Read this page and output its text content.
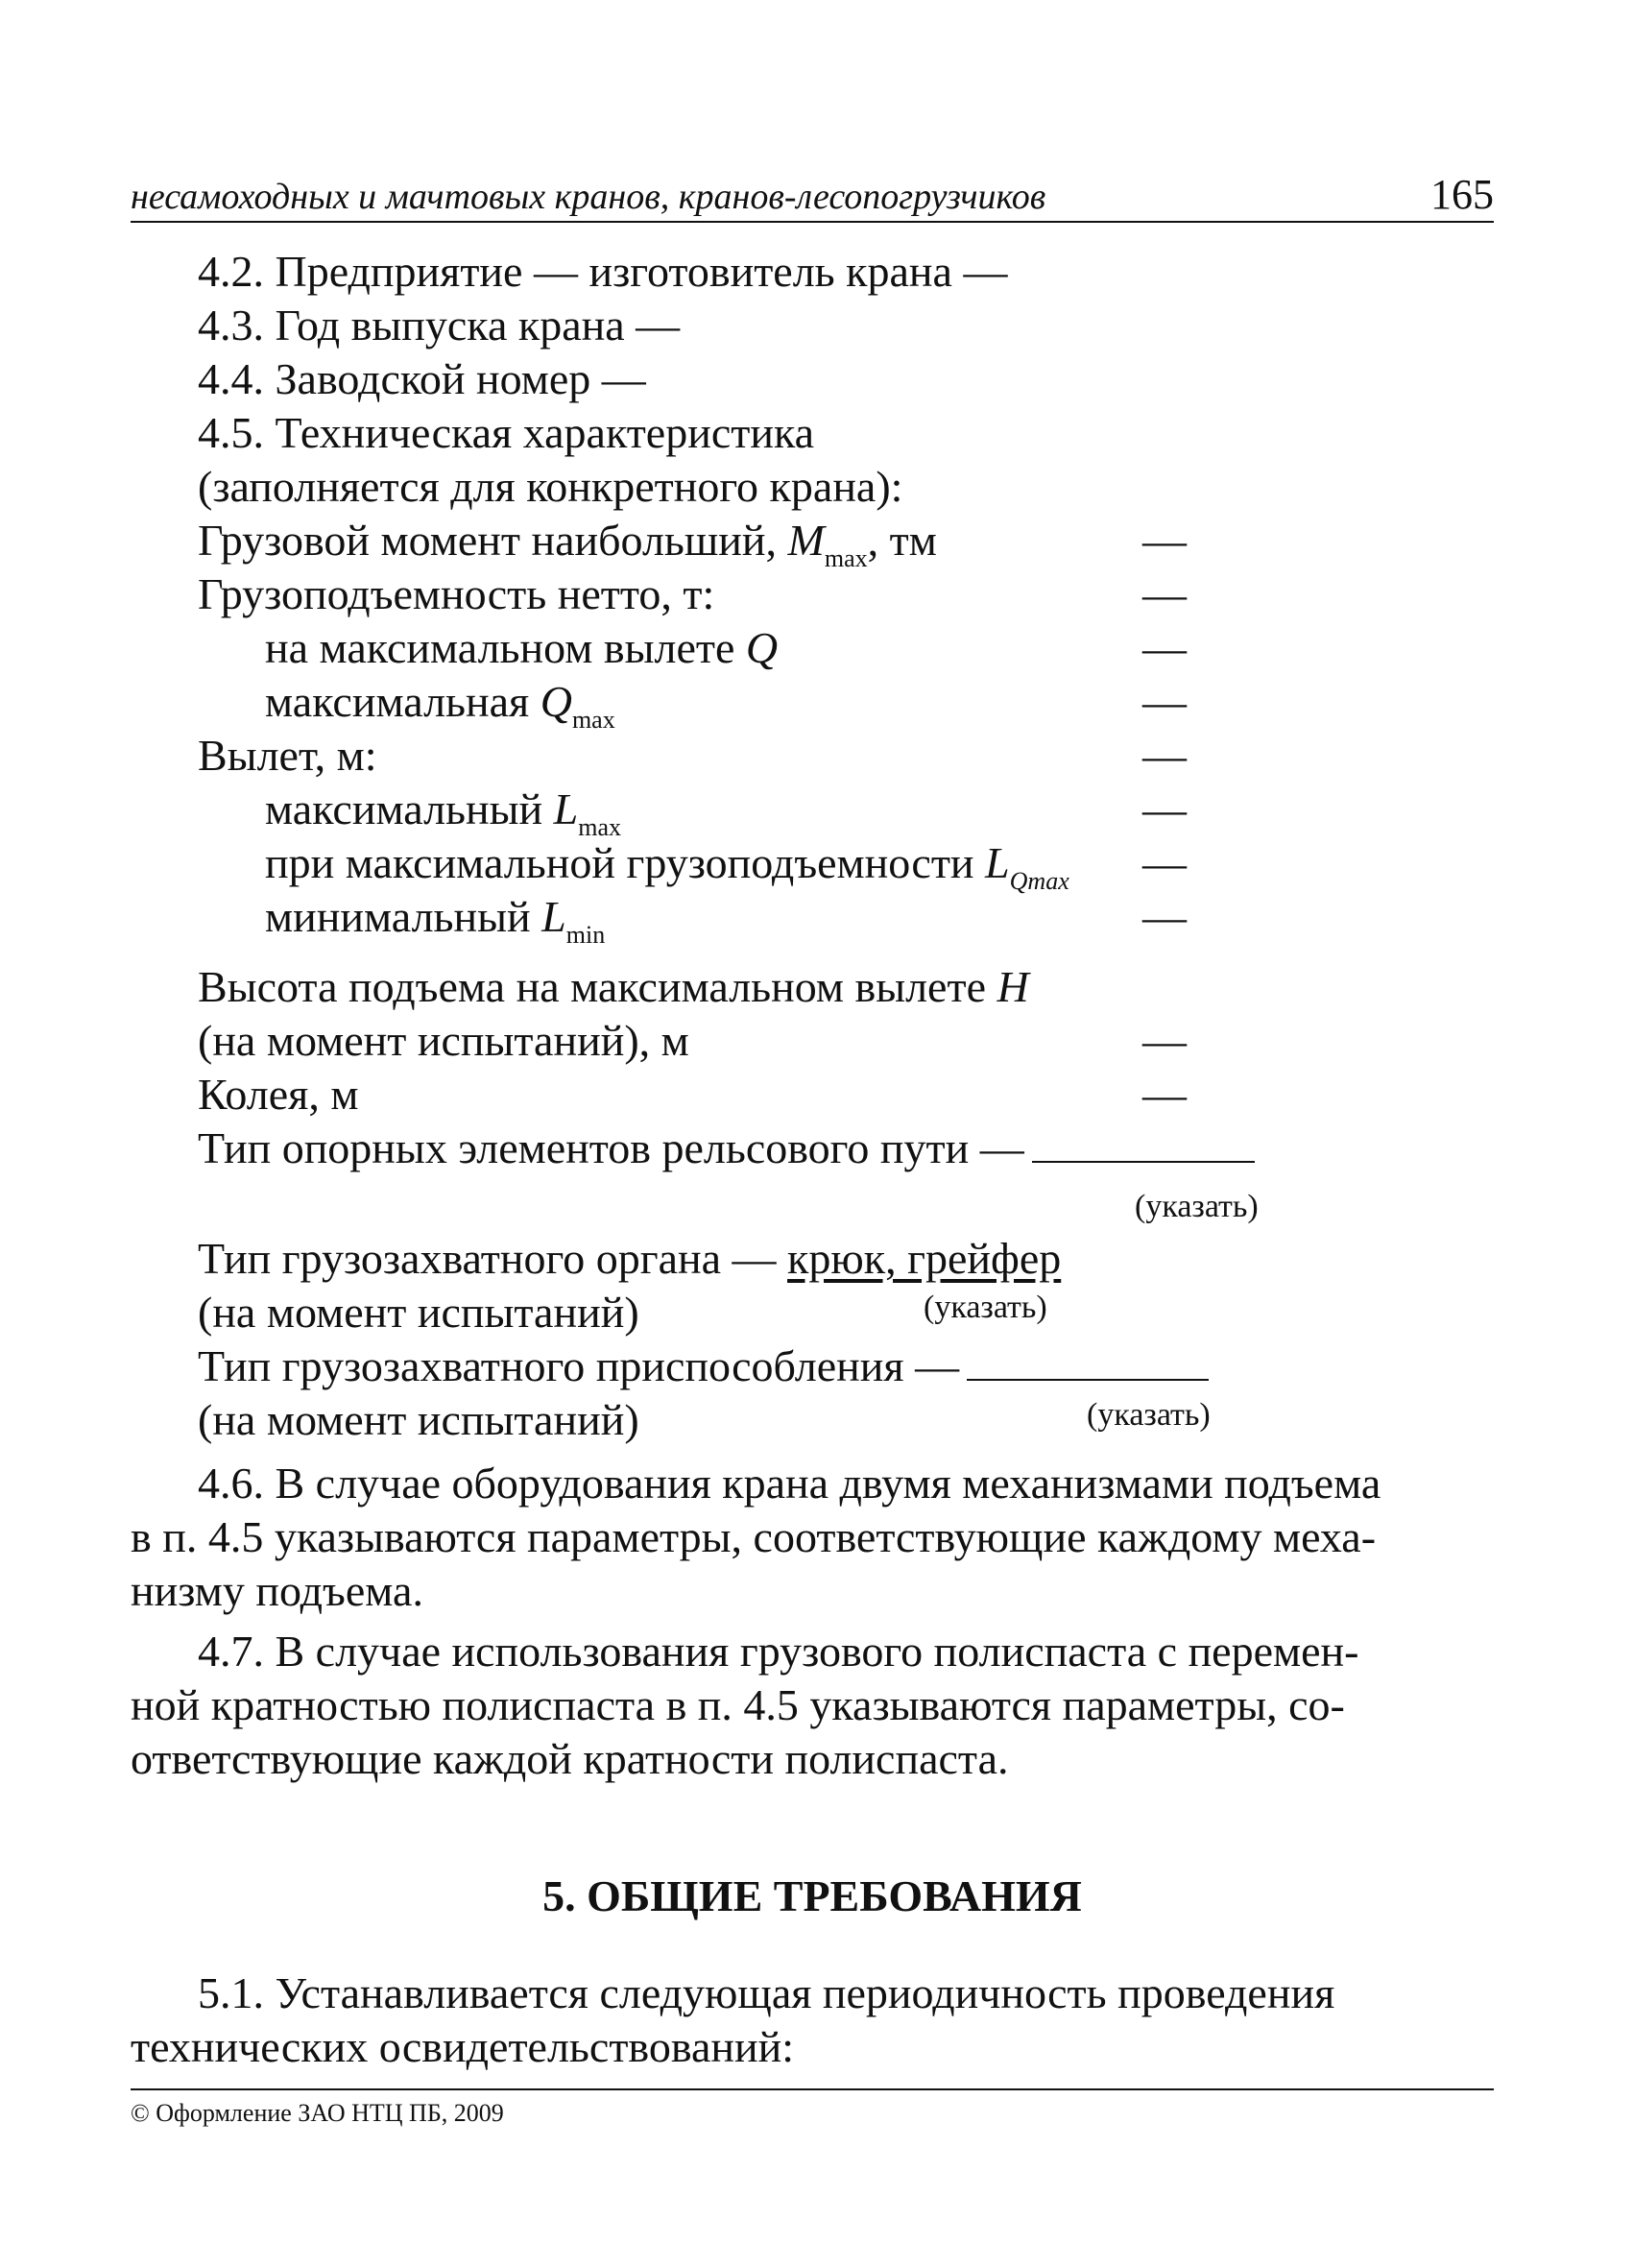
несамоходных и мачтовых кранов, кранов-лесопогрузчиков	165
4.2. Предприятие — изготовитель крана —
4.3. Год выпуска крана —
4.4. Заводской номер —
4.5. Техническая характеристика
(заполняется для конкретного крана):
Грузовой момент наибольший, $M_{max}$, тм	—
Грузоподъемность нетто, т:	—
на максимальном вылете Q	—
максимальная $Q_{max}$	—
Вылет, м:	—
максимальный $L_{max}$	—
при максимальной грузоподъемности $L_{Qmax}$ —
минимальный $L_{min}$	—
Высота подъема на максимальном вылете H
(на момент испытаний), м	—
Колея, м	—
Тип опорных элементов рельсового пути —
(указать)
Тип грузозахватного органа — крюк, грейфер
(на момент испытаний)	(указать)
Тип грузозахватного приспособления —
(на момент испытаний)	(указать)
4.6. В случае оборудования крана двумя механизмами подъема
в п. 4.5 указываются параметры, соответствующие каждому меха-
низму подъема.
4.7. В случае использования грузового полиспаста с перемен-
ной кратностью полиспаста в п. 4.5 указываются параметры, со-
ответствующие каждой кратности полиспаста.
5. ОБЩИЕ ТРЕБОВАНИЯ
5.1. Устанавливается следующая периодичность проведения
технических освидетельствований:
© Оформление ЗАО НТЦ ПБ, 2009
